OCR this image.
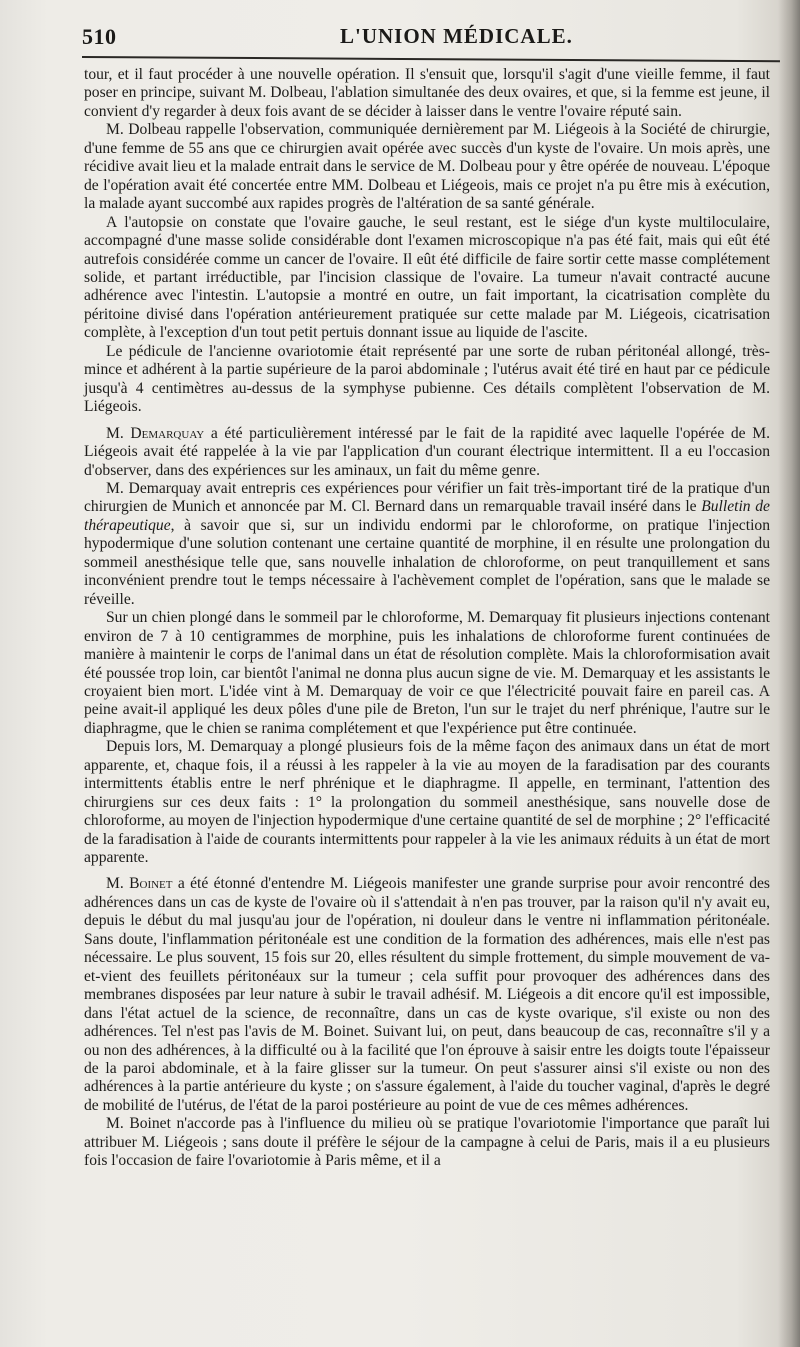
510	L'UNION MÉDICALE.

tour, et il faut procéder à une nouvelle opération. Il s'ensuit que, lorsqu'il s'agit d'une vieille femme, il faut poser en principe, suivant M. Dolbeau, l'ablation simultanée des deux ovaires, et que, si la femme est jeune, il convient d'y regarder à deux fois avant de se décider à laisser dans le ventre l'ovaire réputé sain.

M. Dolbeau rappelle l'observation, communiquée dernièrement par M. Liégeois à la Société de chirurgie, d'une femme de 55 ans que ce chirurgien avait opérée avec succès d'un kyste de l'ovaire. Un mois après, une récidive avait lieu et la malade entrait dans le service de M. Dolbeau pour y être opérée de nouveau. L'époque de l'opération avait été concertée entre MM. Dolbeau et Liégeois, mais ce projet n'a pu être mis à exécution, la malade ayant succombé aux rapides progrès de l'altération de sa santé générale.

A l'autopsie on constate que l'ovaire gauche, le seul restant, est le siége d'un kyste multiloculaire, accompagné d'une masse solide considérable dont l'examen microscopique n'a pas été fait, mais qui eût été autrefois considérée comme un cancer de l'ovaire. Il eût été difficile de faire sortir cette masse complétement solide, et partant irréductible, par l'incision classique de l'ovaire. La tumeur n'avait contracté aucune adhérence avec l'intestin. L'autopsie a montré en outre, un fait important, la cicatrisation complète du péritoine divisé dans l'opération antérieurement pratiquée sur cette malade par M. Liégeois, cicatrisation complète, à l'exception d'un tout petit pertuis donnant issue au liquide de l'ascite.

Le pédicule de l'ancienne ovariotomie était représenté par une sorte de ruban péritonéal allongé, très-mince et adhérent à la partie supérieure de la paroi abdominale ; l'utérus avait été tiré en haut par ce pédicule jusqu'à 4 centimètres au-dessus de la symphyse pubienne. Ces détails complètent l'observation de M. Liégeois.

M. Demarquay a été particulièrement intéressé par le fait de la rapidité avec laquelle l'opérée de M. Liégeois avait été rappelée à la vie par l'application d'un courant électrique intermittent. Il a eu l'occasion d'observer, dans des expériences sur les aminaux, un fait du même genre.

M. Demarquay avait entrepris ces expériences pour vérifier un fait très-important tiré de la pratique d'un chirurgien de Munich et annoncée par M. Cl. Bernard dans un remarquable travail inséré dans le Bulletin de thérapeutique, à savoir que si, sur un individu endormi par le chloroforme, on pratique l'injection hypodermique d'une solution contenant une certaine quantité de morphine, il en résulte une prolongation du sommeil anesthésique telle que, sans nouvelle inhalation de chloroforme, on peut tranquillement et sans inconvénient prendre tout le temps nécessaire à l'achèvement complet de l'opération, sans que le malade se réveille.

Sur un chien plongé dans le sommeil par le chloroforme, M. Demarquay fit plusieurs injections contenant environ de 7 à 10 centigrammes de morphine, puis les inhalations de chloroforme furent continuées de manière à maintenir le corps de l'animal dans un état de résolution complète. Mais la chloroformisation avait été poussée trop loin, car bientôt l'animal ne donna plus aucun signe de vie. M. Demarquay et les assistants le croyaient bien mort. L'idée vint à M. Demarquay de voir ce que l'électricité pouvait faire en pareil cas. A peine avait-il appliqué les deux pôles d'une pile de Breton, l'un sur le trajet du nerf phrénique, l'autre sur le diaphragme, que le chien se ranima complétement et que l'expérience put être continuée.

Depuis lors, M. Demarquay a plongé plusieurs fois de la même façon des animaux dans un état de mort apparente, et, chaque fois, il a réussi à les rappeler à la vie au moyen de la faradisation par des courants intermittents établis entre le nerf phrénique et le diaphragme. Il appelle, en terminant, l'attention des chirurgiens sur ces deux faits : 1° la prolongation du sommeil anesthésique, sans nouvelle dose de chloroforme, au moyen de l'injection hypodermique d'une certaine quantité de sel de morphine ; 2° l'efficacité de la faradisation à l'aide de courants intermittents pour rappeler à la vie les animaux réduits à un état de mort apparente.

M. Boinet a été étonné d'entendre M. Liégeois manifester une grande surprise pour avoir rencontré des adhérences dans un cas de kyste de l'ovaire où il s'attendait à n'en pas trouver, par la raison qu'il n'y avait eu, depuis le début du mal jusqu'au jour de l'opération, ni douleur dans le ventre ni inflammation péritonéale. Sans doute, l'inflammation péritonéale est une condition de la formation des adhérences, mais elle n'est pas nécessaire. Le plus souvent, 15 fois sur 20, elles résultent du simple frottement, du simple mouvement de va-et-vient des feuillets péritonéaux sur la tumeur ; cela suffit pour provoquer des adhérences dans des membranes disposées par leur nature à subir le travail adhésif. M. Liégeois a dit encore qu'il est impossible, dans l'état actuel de la science, de reconnaître, dans un cas de kyste ovarique, s'il existe ou non des adhérences. Tel n'est pas l'avis de M. Boinet. Suivant lui, on peut, dans beaucoup de cas, reconnaître s'il y a ou non des adhérences, à la difficulté ou à la facilité que l'on éprouve à saisir entre les doigts toute l'épaisseur de la paroi abdominale, et à la faire glisser sur la tumeur. On peut s'assurer ainsi s'il existe ou non des adhérences à la partie antérieure du kyste ; on s'assure également, à l'aide du toucher vaginal, d'après le degré de mobilité de l'utérus, de l'état de la paroi postérieure au point de vue de ces mêmes adhérences.

M. Boinet n'accorde pas à l'influence du milieu où se pratique l'ovariotomie l'importance que paraît lui attribuer M. Liégeois ; sans doute il préfère le séjour de la campagne à celui de Paris, mais il a eu plusieurs fois l'occasion de faire l'ovariotomie à Paris même, et il a
